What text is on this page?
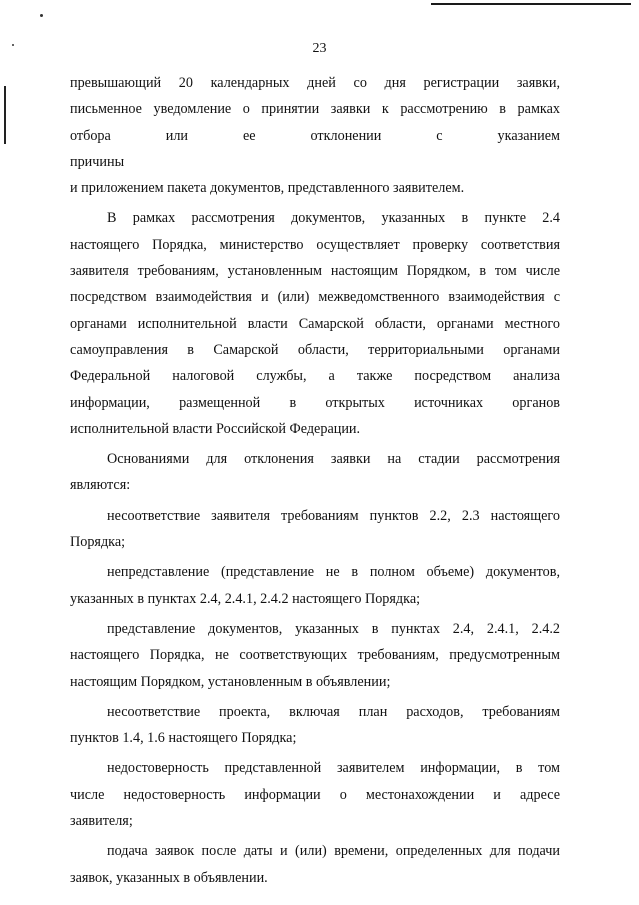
23

превышающий 20 календарных дней со дня регистрации заявки,
письменное уведомление о принятии заявки к рассмотрению в рамках
отбора или ее отклонении с указанием причины
и приложением пакета документов, представленного заявителем.

В рамках рассмотрения документов, указанных в пункте 2.4
настоящего Порядка, министерство осуществляет проверку соответствия
заявителя требованиям, установленным настоящим Порядком, в том числе
посредством взаимодействия и (или) межведомственного взаимодействия с
органами исполнительной власти Самарской области, органами местного
самоуправления в Самарской области, территориальными органами
Федеральной налоговой службы, а также посредством анализа
информации, размещенной в открытых источниках органов
исполнительной власти Российской Федерации.

Основаниями для отклонения заявки на стадии рассмотрения
являются:

несоответствие заявителя требованиям пунктов 2.2, 2.3 настоящего
Порядка;

непредставление (представление не в полном объеме) документов,
указанных в пунктах 2.4, 2.4.1, 2.4.2 настоящего Порядка;

представление документов, указанных в пунктах 2.4, 2.4.1, 2.4.2
настоящего Порядка, не соответствующих требованиям, предусмотренным
настоящим Порядком, установленным в объявлении;

несоответствие проекта, включая план расходов, требованиям
пунктов 1.4, 1.6 настоящего Порядка;

недостоверность представленной заявителем информации, в том
числе недостоверность информации о местонахождении и адресе
заявителя;

подача заявок после даты и (или) времени, определенных для подачи
заявок, указанных в объявлении.
